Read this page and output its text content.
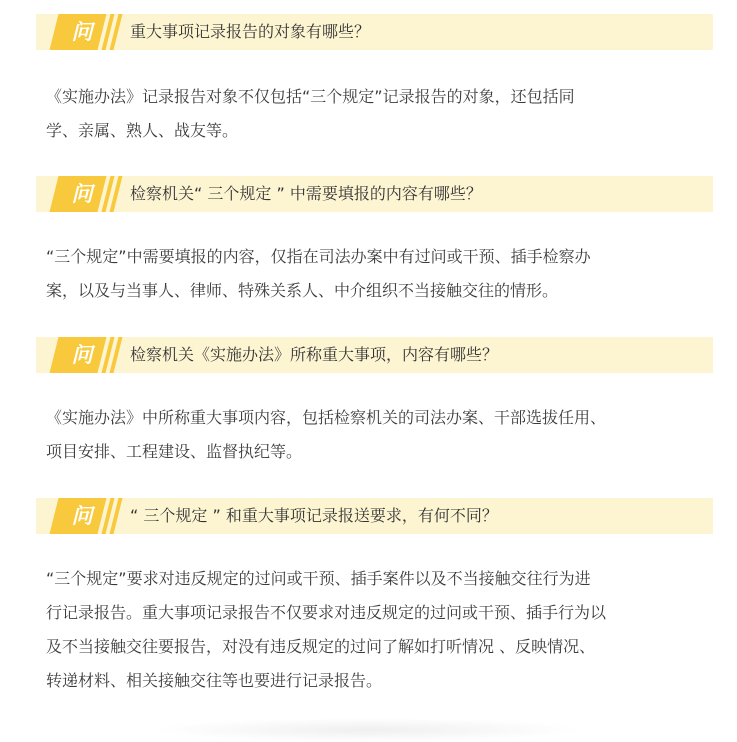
问	重大事项记录报告的对象有哪些？
《实施办法》记录报告对象不仅包括“三个规定”记录报告的对象，还包括同
学、亲属、熟人、战友等。
问	检察机关“ 三个规定 ” 中需要填报的内容有哪些？
“三个规定”中需要填报的内容，仅指在司法办案中有过问或干预、插手检察办
案，以及与当事人、律师、特殊关系人、中介组织不当接触交往的情形。
问	检察机关《实施办法》所称重大事项，内容有哪些？
《实施办法》中所称重大事项内容，包括检察机关的司法办案、干部选拔任用、
项目安排、工程建设、监督执纪等。
问	“ 三个规定 ” 和重大事项记录报送要求，有何不同？
“三个规定”要求对违反规定的过问或干预、插手案件以及不当接触交往行为进
行记录报告。重大事项记录报告不仅要求对违反规定的过问或干预、插手行为以
及不当接触交往要报告，对没有违反规定的过问了解如打听情况 、反映情况、
转递材料、相关接触交往等也要进行记录报告。
